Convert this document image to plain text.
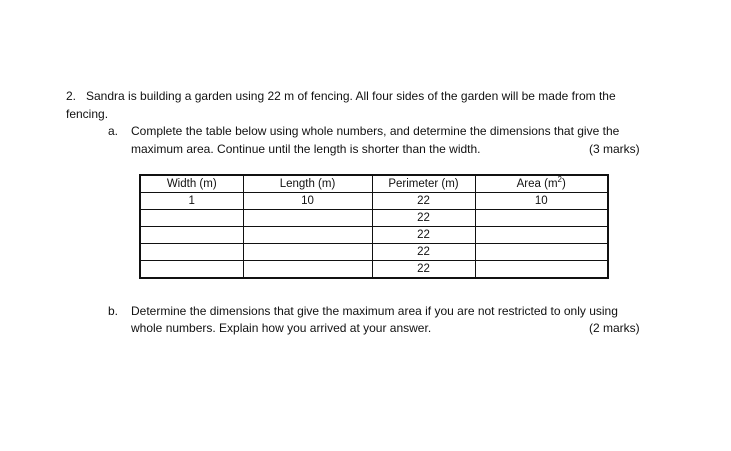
2. Sandra is building a garden using 22 m of fencing. All four sides of the garden will be made from the
fencing.
a. Complete the table below using whole numbers, and determine the dimensions that give the
maximum area. Continue until the length is shorter than the width.	(3 marks)
Width (m)	Length (m)	Perimeter (m)	Area $(m^2)$
1	10	22	10
		22	
		22	
		22	
		22	
b. Determine the dimensions that give the maximum area if you are not restricted to only using
whole numbers. Explain how you arrived at your answer.	(2 marks)
